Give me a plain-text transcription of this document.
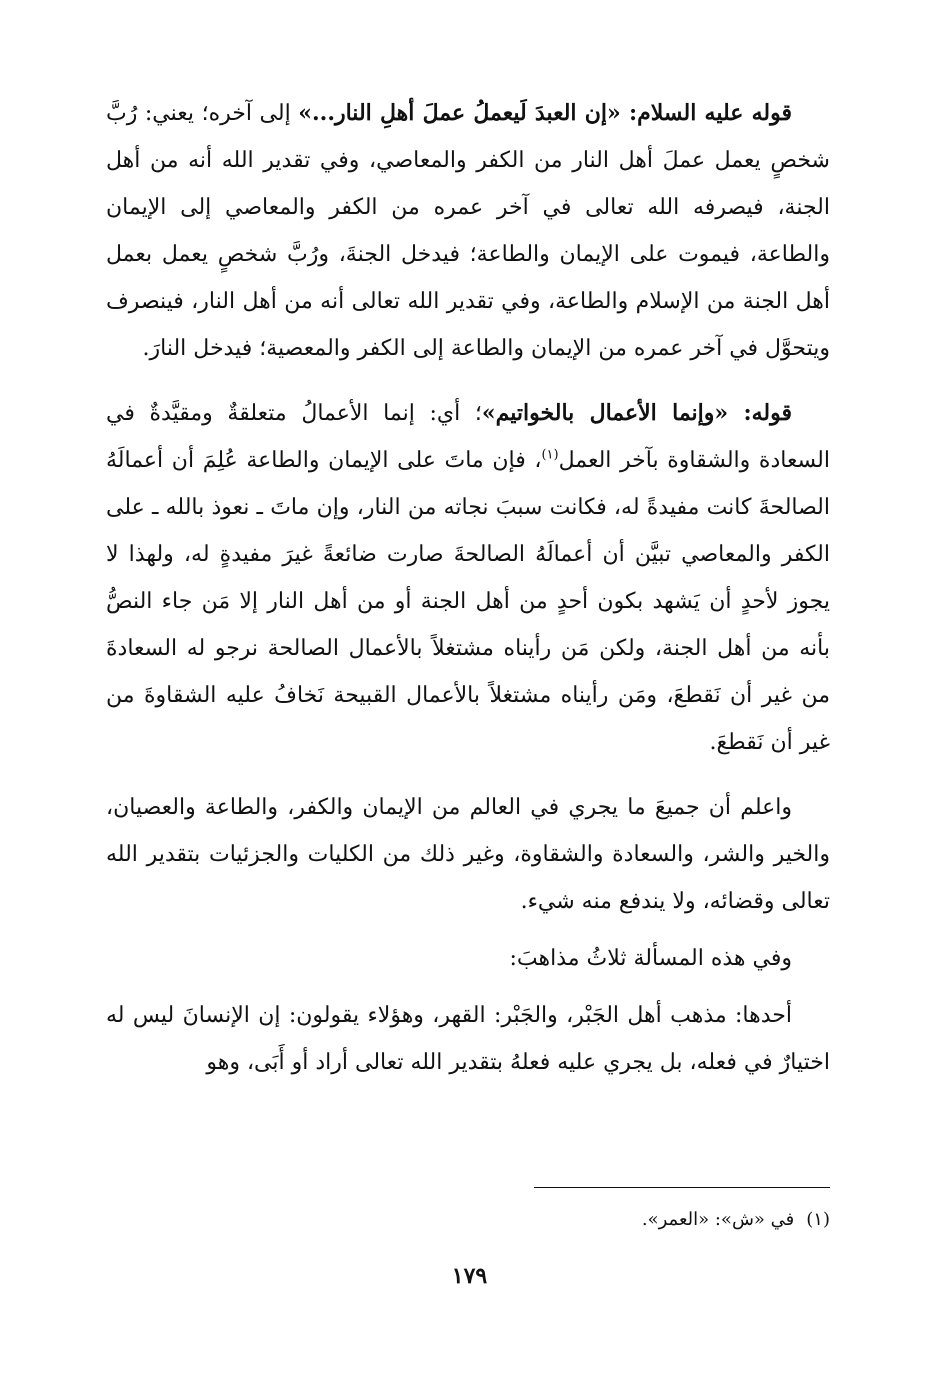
قوله عليه السلام: «إن العبدَ لَيعملُ عملَ أهلِ النار...» إلى آخره؛ يعني: رُبَّ شخصٍ يعمل عملَ أهل النار من الكفر والمعاصي، وفي تقدير الله أنه من أهل الجنة، فيصرفه الله تعالى في آخر عمره من الكفر والمعاصي إلى الإيمان والطاعة، فيموت على الإيمان والطاعة؛ فيدخل الجنةَ، ورُبَّ شخصٍ يعمل بعمل أهل الجنة من الإسلام والطاعة، وفي تقدير الله تعالى أنه من أهل النار، فينصرف ويتحوَّل في آخر عمره من الإيمان والطاعة إلى الكفر والمعصية؛ فيدخل النارَ.

قوله: «وإنما الأعمال بالخواتيم»؛ أي: إنما الأعمالُ متعلقةٌ ومقيَّدةٌ في السعادة والشقاوة بآخر العمل$^{(١)}$، فإن ماتَ على الإيمان والطاعة عُلِمَ أن أعمالَهُ الصالحةَ كانت مفيدةً له، فكانت سببَ نجاته من النار، وإن ماتَ ـ نعوذ بالله ـ على الكفر والمعاصي تبيَّن أن أعمالَهُ الصالحةَ صارت ضائعةً غيرَ مفيدةٍ له، ولهذا لا يجوز لأحدٍ أن يَشهد بكون أحدٍ من أهل الجنة أو من أهل النار إلا مَن جاء النصُّ بأنه من أهل الجنة، ولكن مَن رأيناه مشتغلاً بالأعمال الصالحة نرجو له السعادةَ من غير أن نَقطعَ، ومَن رأيناه مشتغلاً بالأعمال القبيحة نَخافُ عليه الشقاوةَ من غير أن نَقطعَ.

واعلم أن جميعَ ما يجري في العالم من الإيمان والكفر، والطاعة والعصيان، والخير والشر، والسعادة والشقاوة، وغير ذلك من الكليات والجزئيات بتقدير الله تعالى وقضائه، ولا يندفع منه شيء.

وفي هذه المسألة ثلاثُ مذاهبَ:

أحدها: مذهب أهل الجَبْر، والجَبْر: القهر، وهؤلاء يقولون: إن الإنسانَ ليس له اختيارٌ في فعله، بل يجري عليه فعلهُ بتقدير الله تعالى أراد أو أَبَى، وهو

(١)في «ش»: «العمر».
١٧٩
